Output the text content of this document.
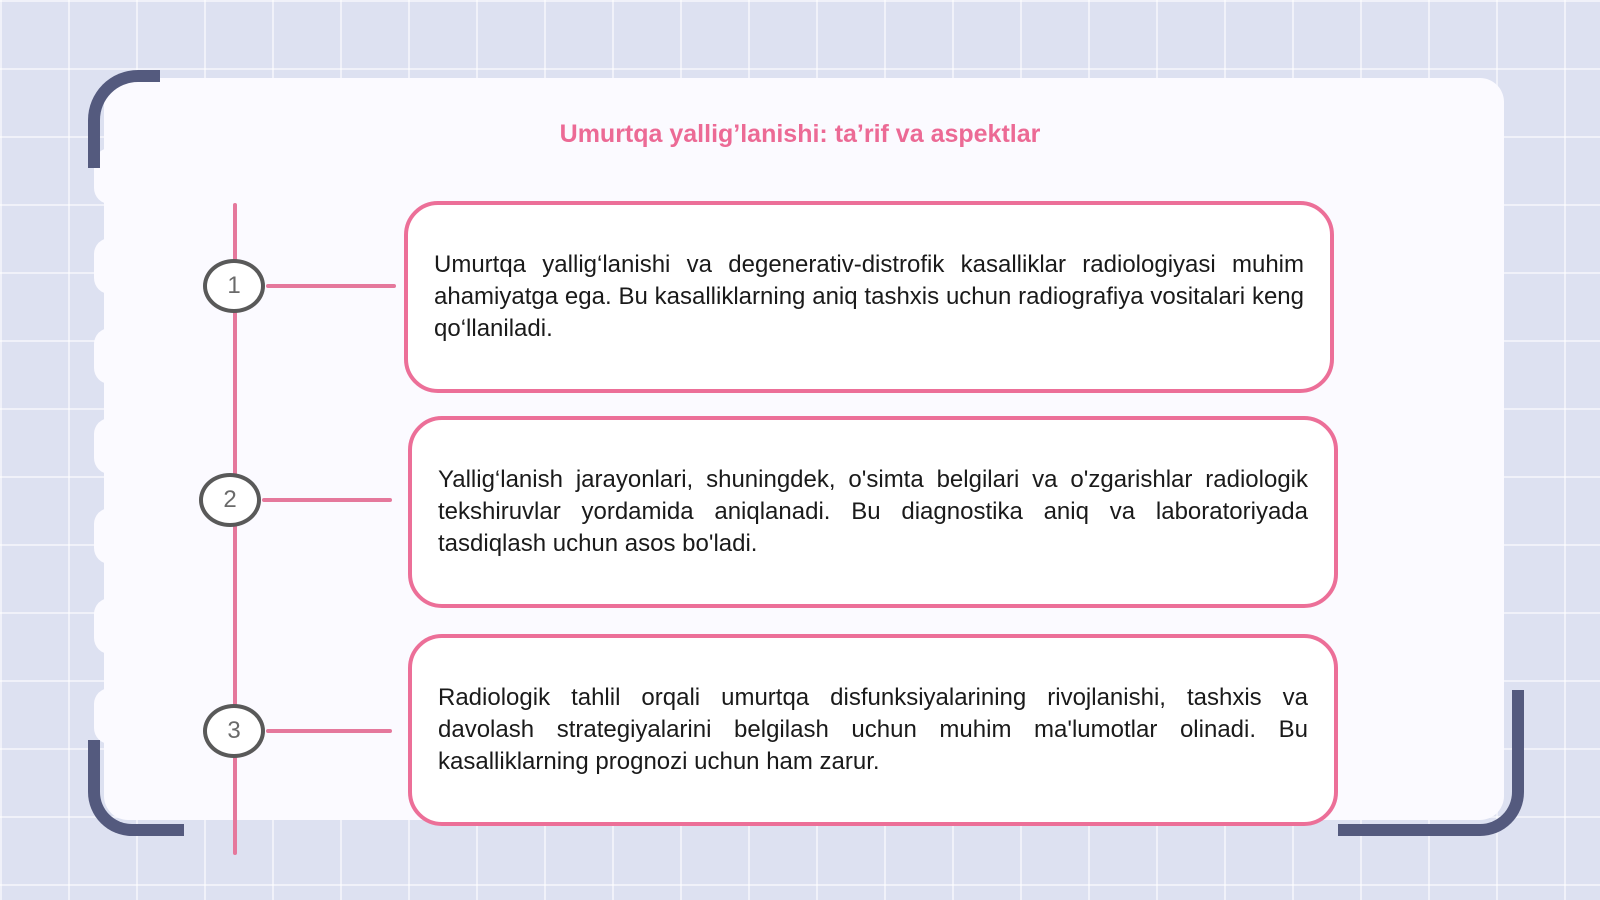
Umurtqa yallig’lanishi: ta’rif va aspektlar
1
2
3

Umurtqa yallig‘lanishi va degenerativ-distrofik kasalliklar radiologiyasi muhim ahamiyatga ega. Bu kasalliklarning aniq tashxis uchun radiografiya vositalari keng qo‘llaniladi.

Yallig‘lanish jarayonlari, shuningdek, o'simta belgilari va o'zgarishlar radiologik tekshiruvlar yordamida aniqlanadi. Bu diagnostika aniq va laboratoriyada tasdiqlash uchun asos bo'ladi.

Radiologik tahlil orqali umurtqa disfunksiyalarining rivojlanishi, tashxis va davolash strategiyalarini belgilash uchun muhim ma'lumotlar olinadi. Bu kasalliklarning prognozi uchun ham zarur.
